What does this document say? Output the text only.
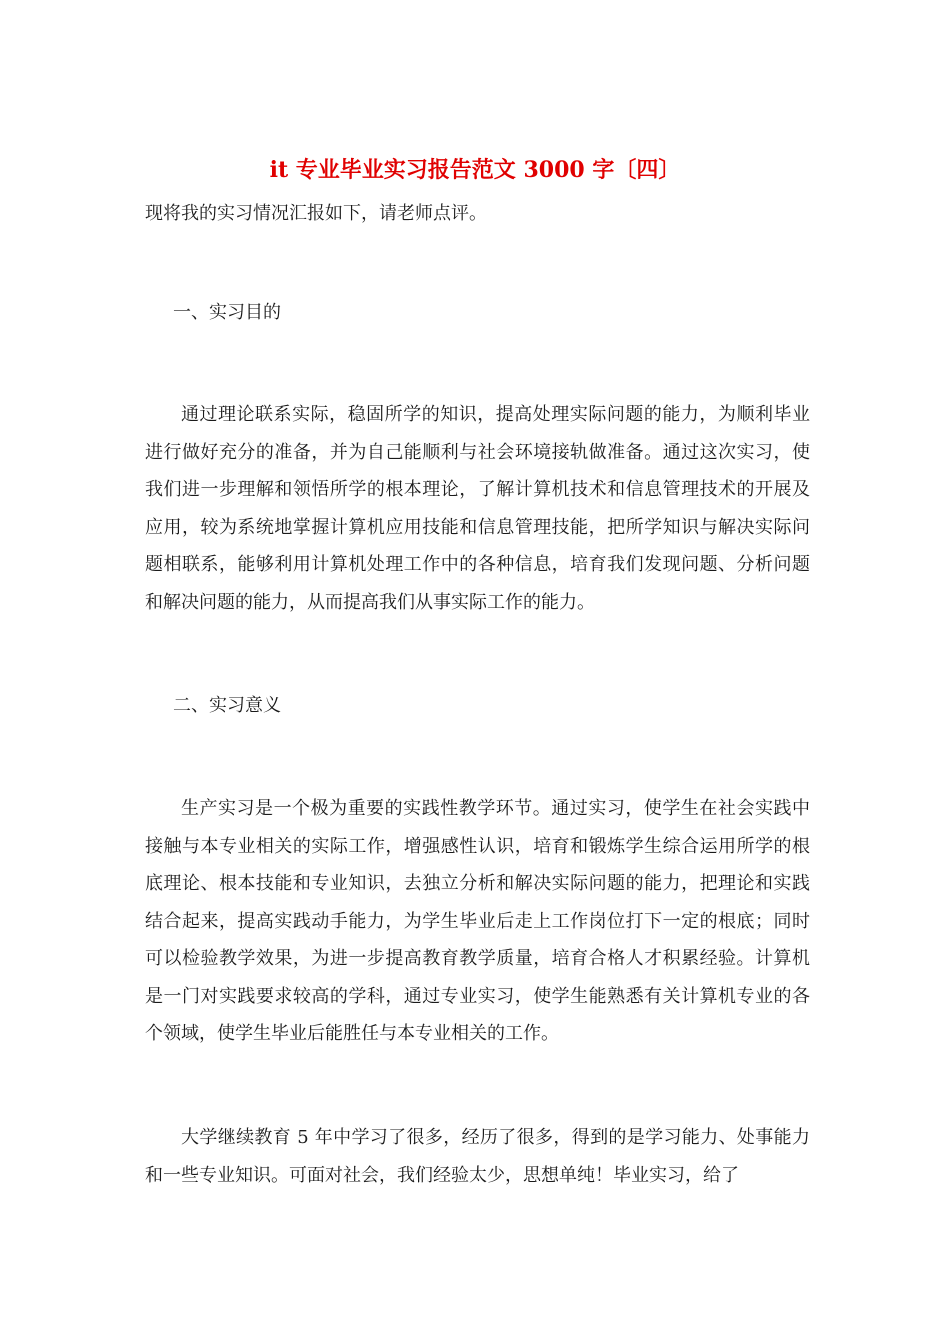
it 专业毕业实习报告范文 3000 字〔四〕

现将我的实习情况汇报如下，请老师点评。

一、实习目的

通过理论联系实际，稳固所学的知识，提高处理实际问题的能力，为顺利毕业进行做好充分的准备，并为自己能顺利与社会环境接轨做准备。通过这次实习，使我们进一步理解和领悟所学的根本理论，了解计算机技术和信息管理技术的开展及应用，较为系统地掌握计算机应用技能和信息管理技能，把所学知识与解决实际问题相联系，能够利用计算机处理工作中的各种信息，培育我们发现问题、分析问题和解决问题的能力，从而提高我们从事实际工作的能力。

二、实习意义

生产实习是一个极为重要的实践性教学环节。通过实习，使学生在社会实践中接触与本专业相关的实际工作，增强感性认识，培育和锻炼学生综合运用所学的根底理论、根本技能和专业知识，去独立分析和解决实际问题的能力，把理论和实践结合起来，提高实践动手能力，为学生毕业后走上工作岗位打下一定的根底；同时可以检验教学效果，为进一步提高教育教学质量，培育合格人才积累经验。计算机是一门对实践要求较高的学科，通过专业实习，使学生能熟悉有关计算机专业的各个领域，使学生毕业后能胜任与本专业相关的工作。

大学继续教育 5 年中学习了很多，经历了很多，得到的是学习能力、处事能力和一些专业知识。可面对社会，我们经验太少，思想单纯！毕业实习，给了
